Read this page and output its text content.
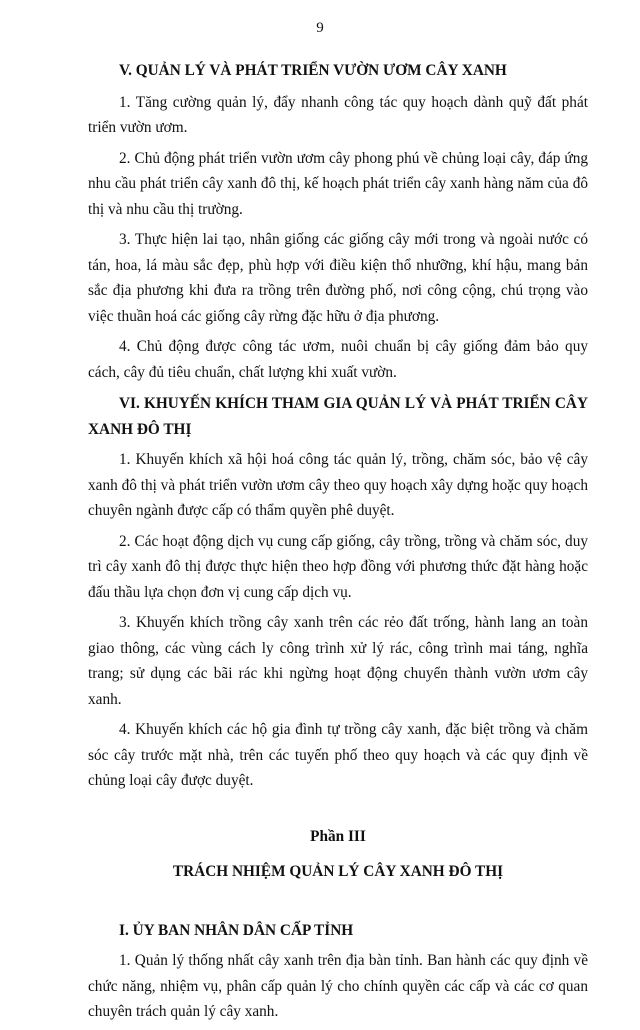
9

V. QUẢN LÝ VÀ PHÁT TRIỂN VƯỜN ƯƠM CÂY XANH

1. Tăng cường quản lý, đẩy nhanh công tác quy hoạch dành quỹ đất phát triển vườn ươm.

2. Chủ động phát triển vườn ươm cây phong phú về chủng loại cây, đáp ứng nhu cầu phát triển cây xanh đô thị, kế hoạch phát triển cây xanh hàng năm của đô thị và nhu cầu thị trường.

3. Thực hiện lai tạo, nhân giống các giống cây mới trong và ngoài nước có tán, hoa, lá màu sắc đẹp, phù hợp với điều kiện thổ nhưỡng, khí hậu, mang bản sắc địa phương khi đưa ra trồng trên đường phố, nơi công cộng, chú trọng vào việc thuần hoá các giống cây rừng đặc hữu ở địa phương.

4. Chủ động được công tác ươm, nuôi chuẩn bị cây giống đảm bảo quy cách, cây đủ tiêu chuẩn, chất lượng khi xuất vườn.

VI. KHUYẾN KHÍCH THAM GIA QUẢN LÝ VÀ PHÁT TRIỂN CÂY XANH ĐÔ THỊ

1. Khuyến khích xã hội hoá công tác quản lý, trồng, chăm sóc, bảo vệ cây xanh đô thị và phát triển vườn ươm cây theo quy hoạch xây dựng hoặc quy hoạch chuyên ngành được cấp có thẩm quyền phê duyệt.

2. Các hoạt động dịch vụ cung cấp giống, cây trồng, trồng và chăm sóc, duy trì cây xanh đô thị được thực hiện theo hợp đồng với phương thức đặt hàng hoặc đấu thầu lựa chọn đơn vị cung cấp dịch vụ.

3. Khuyến khích trồng cây xanh trên các rẻo đất trống, hành lang an toàn giao thông, các vùng cách ly công trình xử lý rác, công trình mai táng, nghĩa trang; sử dụng các bãi rác khi ngừng hoạt động chuyển thành vườn ươm cây xanh.

4. Khuyến khích các hộ gia đình tự trồng cây xanh, đặc biệt trồng và chăm sóc cây trước mặt nhà, trên các tuyến phố theo quy hoạch và các quy định về chủng loại cây được duyệt.

Phần III

TRÁCH NHIỆM QUẢN LÝ CÂY XANH ĐÔ THỊ

I. ỦY BAN NHÂN DÂN CẤP TỈNH

1. Quản lý thống nhất cây xanh trên địa bàn tỉnh. Ban hành các quy định về chức năng, nhiệm vụ, phân cấp quản lý cho chính quyền các cấp và các cơ quan chuyên trách quản lý cây xanh.
